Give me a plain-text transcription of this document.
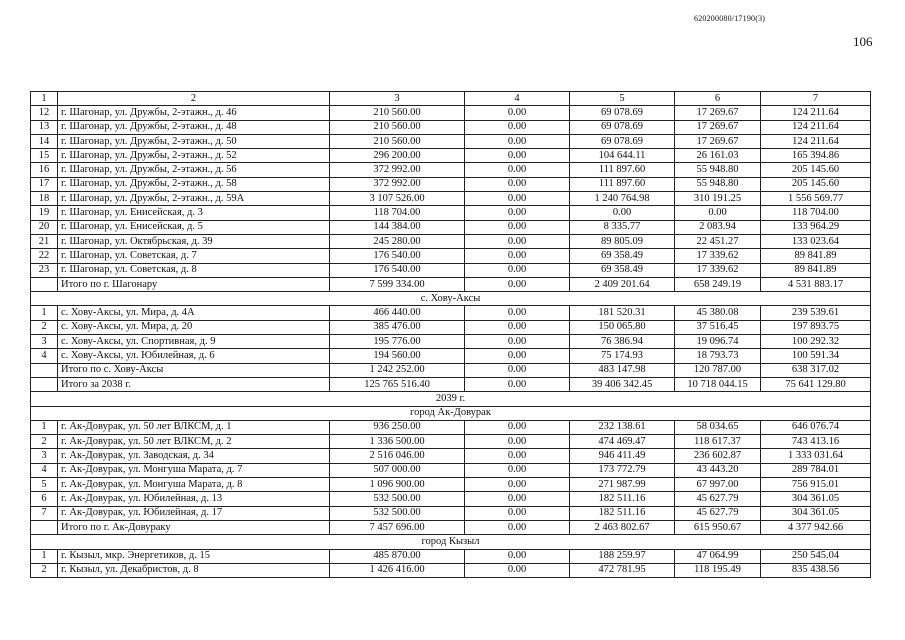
620200080/17190(3)
106
1	2	3	4	5	6	7
12	г. Шагонар, ул. Дружбы, 2-этажн., д. 46	210 560.00	0.00	69 078.69	17 269.67	124 211.64
13	г. Шагонар, ул. Дружбы, 2-этажн., д. 48	210 560.00	0.00	69 078.69	17 269.67	124 211.64
14	г. Шагонар, ул. Дружбы, 2-этажн., д. 50	210 560.00	0.00	69 078.69	17 269.67	124 211.64
15	г. Шагонар, ул. Дружбы, 2-этажн., д. 52	296 200.00	0.00	104 644.11	26 161.03	165 394.86
16	г. Шагонар, ул. Дружбы, 2-этажн., д. 56	372 992.00	0.00	111 897.60	55 948.80	205 145.60
17	г. Шагонар, ул. Дружбы, 2-этажн., д. 58	372 992.00	0.00	111 897.60	55 948.80	205 145.60
18	г. Шагонар, ул. Дружбы, 2-этажн., д. 59А	3 107 526.00	0.00	1 240 764.98	310 191.25	1 556 569.77
19	г. Шагонар, ул. Енисейская, д. 3	118 704.00	0.00	0.00	0.00	118 704.00
20	г. Шагонар, ул. Енисейская, д. 5	144 384.00	0.00	8 335.77	2 083.94	133 964.29
21	г. Шагонар, ул. Октябрьская, д. 39	245 280.00	0.00	89 805.09	22 451.27	133 023.64
22	г. Шагонар, ул. Советская, д. 7	176 540.00	0.00	69 358.49	17 339.62	89 841.89
23	г. Шагонар, ул. Советская, д. 8	176 540.00	0.00	69 358.49	17 339.62	89 841.89
	Итого по г. Шагонару	7 599 334.00	0.00	2 409 201.64	658 249.19	4 531 883.17
с. Хову-Аксы						
1	с. Хову-Аксы, ул. Мира, д. 4А	466 440.00	0.00	181 520.31	45 380.08	239 539.61
2	с. Хову-Аксы, ул. Мира, д. 20	385 476.00	0.00	150 065.80	37 516.45	197 893.75
3	с. Хову-Аксы, ул. Спортивная, д. 9	195 776.00	0.00	76 386.94	19 096.74	100 292.32
4	с. Хову-Аксы, ул. Юбилейная, д. 6	194 560.00	0.00	75 174.93	18 793.73	100 591.34
	Итого по с. Хову-Аксы	1 242 252.00	0.00	483 147.98	120 787.00	638 317.02
	Итого за 2038 г.	125 765 516.40	0.00	39 406 342.45	10 718 044.15	75 641 129.80
2039 г.						
город Ак-Довурак						
1	г. Ак-Довурак, ул. 50 лет ВЛКСМ, д. 1	936 250.00	0.00	232 138.61	58 034.65	646 076.74
2	г. Ак-Довурак, ул. 50 лет ВЛКСМ, д. 2	1 336 500.00	0.00	474 469.47	118 617.37	743 413.16
3	г. Ак-Довурак, ул. Заводская, д. 34	2 516 046.00	0.00	946 411.49	236 602.87	1 333 031.64
4	г. Ак-Довурак, ул. Монгуша Марата, д. 7	507 000.00	0.00	173 772.79	43 443.20	289 784.01
5	г. Ак-Довурак, ул. Монгуша Марата, д. 8	1 096 900.00	0.00	271 987.99	67 997.00	756 915.01
6	г. Ак-Довурак, ул. Юбилейная, д. 13	532 500.00	0.00	182 511.16	45 627.79	304 361.05
7	г. Ак-Довурак, ул. Юбилейная, д. 17	532 500.00	0.00	182 511.16	45 627.79	304 361.05
	Итого по г. Ак-Довураку	7 457 696.00	0.00	2 463 802.67	615 950.67	4 377 942.66
город Кызыл						
1	г. Кызыл, мкр. Энергетиков, д. 15	485 870.00	0.00	188 259.97	47 064.99	250 545.04
2	г. Кызыл, ул. Декабристов, д. 8	1 426 416.00	0.00	472 781.95	118 195.49	835 438.56
